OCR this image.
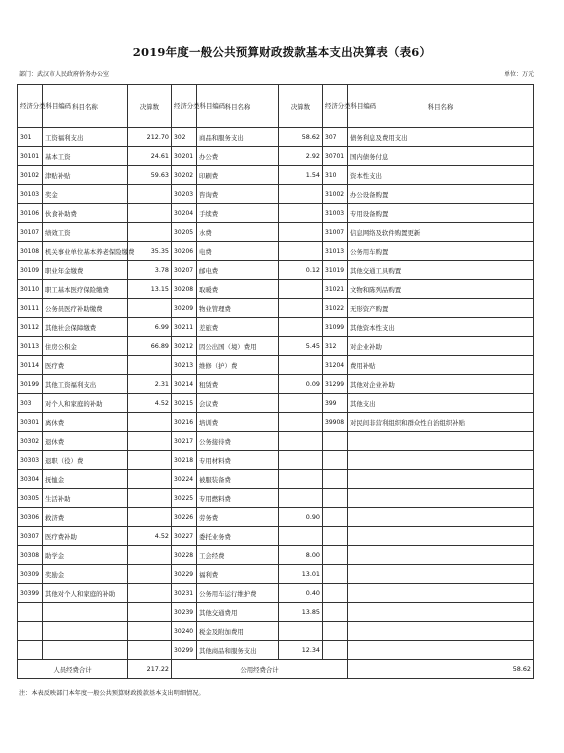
2019年度一般公共预算财政拨款基本支出决算表（表6）
部门：武汉市人民政府侨务办公室	单位：万元
经济分类科目编码	科目名称	决算数	经济分类科目编码	科目名称	决算数	经济分类科目编码	科目名称
301	工资福利支出	212.70	302	商品和服务支出	58.62	307	债务利息及费用支出
30101	基本工资	24.61	30201	办公费	2.92	30701	国内债务付息
30102	津贴补贴	59.63	30202	印刷费	1.54	310	资本性支出
30103	奖金		30203	咨询费		31002	办公设备购置
30106	伙食补助费		30204	手续费		31003	专用设备购置
30107	绩效工资		30205	水费		31007	信息网络及软件购置更新
30108	机关事业单位基本养老保险缴费	35.35	30206	电费		31013	公务用车购置
30109	职业年金缴费	3.78	30207	邮电费	0.12	31019	其他交通工具购置
30110	职工基本医疗保险缴费	13.15	30208	取暖费		31021	文物和陈列品购置
30111	公务员医疗补助缴费		30209	物业管理费		31022	无形资产购置
30112	其他社会保障缴费	6.99	30211	差旅费		31099	其他资本性支出
30113	住房公积金	66.89	30212	因公出国（境）费用	5.45	312	对企业补助
30114	医疗费		30213	维修（护）费		31204	费用补贴
30199	其他工资福利支出	2.31	30214	租赁费	0.09	31299	其他对企业补助
303	对个人和家庭的补助	4.52	30215	会议费		399	其他支出
30301	离休费		30216	培训费		39908	对民间非营利组织和群众性自治组织补贴
30302	退休费		30217	公务接待费			
30303	退职（役）费		30218	专用材料费			
30304	抚恤金		30224	被服装备费			
30305	生活补助		30225	专用燃料费			
30306	救济费		30226	劳务费	0.90		
30307	医疗费补助	4.52	30227	委托业务费			
30308	助学金		30228	工会经费	8.00		
30309	奖励金		30229	福利费	13.01		
30399	其他对个人和家庭的补助		30231	公务用车运行维护费	0.40		
			30239	其他交通费用	13.85		
			30240	税金及附加费用			
			30299	其他商品和服务支出	12.34		
人员经费合计		217.22	公用经费合计				58.62
注：本表反映部门本年度一般公共预算财政拨款基本支出明细情况。
